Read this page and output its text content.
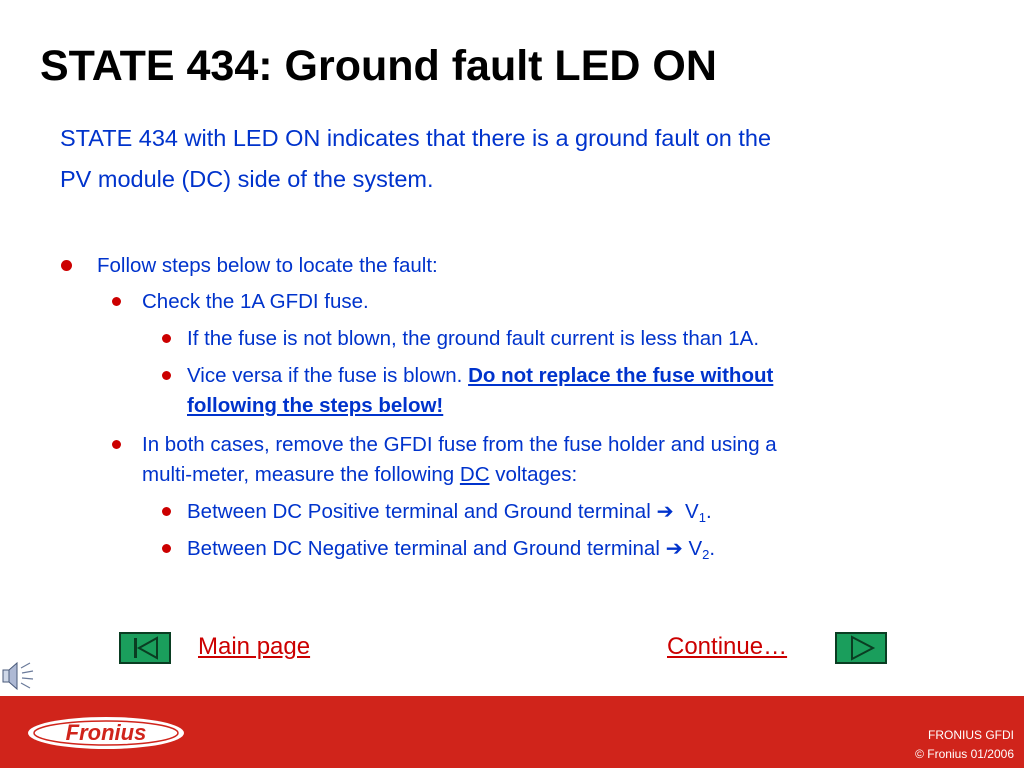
STATE 434: Ground fault LED ON
STATE 434 with LED ON indicates that there is a ground fault on the
PV module (DC) side of the system.
Follow steps below to locate the fault:
Check the 1A GFDI fuse.
If the fuse is not blown, the ground fault current is less than 1A.
Vice versa if the fuse is blown. Do not replace the fuse without
following the steps below!
In both cases, remove the GFDI fuse from the fuse holder and using a
multi-meter, measure the following DC voltages:
Between DC Positive terminal and Ground terminal ➔ $V_1$.
Between DC Negative terminal and Ground terminal ➔ $V_2$.
Main page	Continue…
Fronius	FRONIUS GFDI
© Fronius 01/2006
